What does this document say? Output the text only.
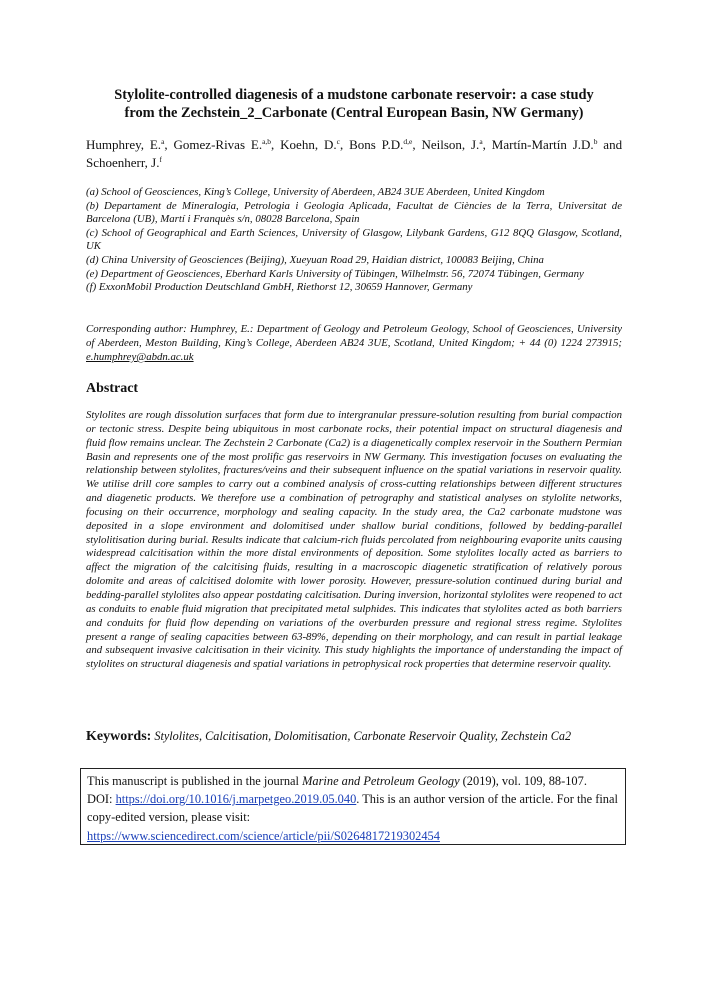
Stylolite-controlled diagenesis of a mudstone carbonate reservoir: a case study
from the Zechstein_2_Carbonate (Central European Basin, NW Germany)
Humphrey, E.$^a$, Gomez-Rivas E.$^{a,b}$, Koehn, D.$^c$, Bons P.D.$^{d,e}$, Neilson, J.$^a$, Martín-Martín J.D.$^b$ and Schoenherr, J.$^f$
(a) School of Geosciences, King’s College, University of Aberdeen, AB24 3UE Aberdeen, United Kingdom
(b) Departament de Mineralogia, Petrologia i Geologia Aplicada, Facultat de Ciències de la Terra, Universitat de Barcelona (UB), Martí i Franquès s/n, 08028 Barcelona, Spain
(c) School of Geographical and Earth Sciences, University of Glasgow, Lilybank Gardens, G12 8QQ Glasgow, Scotland, UK
(d) China University of Geosciences (Beijing), Xueyuan Road 29, Haidian district, 100083 Beijing, China
(e) Department of Geosciences, Eberhard Karls University of Tübingen, Wilhelmstr. 56, 72074 Tübingen, Germany
(f) ExxonMobil Production Deutschland GmbH, Riethorst 12, 30659 Hannover, Germany
Corresponding author: Humphrey, E.: Department of Geology and Petroleum Geology, School of Geosciences, University of Aberdeen, Meston Building, King’s College, Aberdeen AB24 3UE, Scotland, United Kingdom; + 44 (0) 1224 273915; e.humphrey@abdn.ac.uk
Abstract
Stylolites are rough dissolution surfaces that form due to intergranular pressure-solution resulting from burial compaction or tectonic stress. Despite being ubiquitous in most carbonate rocks, their potential impact on structural diagenesis and fluid flow remains unclear. The Zechstein 2 Carbonate (Ca2) is a diagenetically complex reservoir in the Southern Permian Basin and represents one of the most prolific gas reservoirs in NW Germany. This investigation focuses on evaluating the relationship between stylolites, fractures/veins and their subsequent influence on the spatial variations in reservoir quality. We utilise drill core samples to carry out a combined analysis of cross-cutting relationships between different structures and diagenetic products. We therefore use a combination of petrography and statistical analyses on stylolite networks, focusing on their occurrence, morphology and sealing capacity. In the study area, the Ca2 carbonate mudstone was deposited in a slope environment and dolomitised under shallow burial conditions, followed by bedding-parallel stylolitisation during burial. Results indicate that calcium-rich fluids percolated from neighbouring evaporite units causing widespread calcitisation within the more distal environments of deposition. Some stylolites locally acted as barriers to affect the migration of the calcitising fluids, resulting in a macroscopic diagenetic stratification of relatively porous dolomite and areas of calcitised dolomite with lower porosity. However, pressure-solution continued during burial and bedding-parallel stylolites also appear postdating calcitisation. During inversion, horizontal stylolites were reopened to act as conduits to enable fluid migration that precipitated metal sulphides. This indicates that stylolites acted as both barriers and conduits for fluid flow depending on variations of the overburden pressure and regional stress regime. Stylolites present a range of sealing capacities between 63-89%, depending on their morphology, and can result in partial leakage and subsequent invasive calcitisation in their vicinity. This study highlights the importance of understanding the impact of stylolites on structural diagenesis and spatial variations in petrophysical rock properties that determine reservoir quality.
Keywords: Stylolites, Calcitisation, Dolomitisation, Carbonate Reservoir Quality, Zechstein Ca2
This manuscript is published in the journal Marine and Petroleum Geology (2019), vol. 109, 88-107.
DOI: https://doi.org/10.1016/j.marpetgeo.2019.05.040. This is an author version of the article. For the final copy-edited version, please visit:
https://www.sciencedirect.com/science/article/pii/S0264817219302454
